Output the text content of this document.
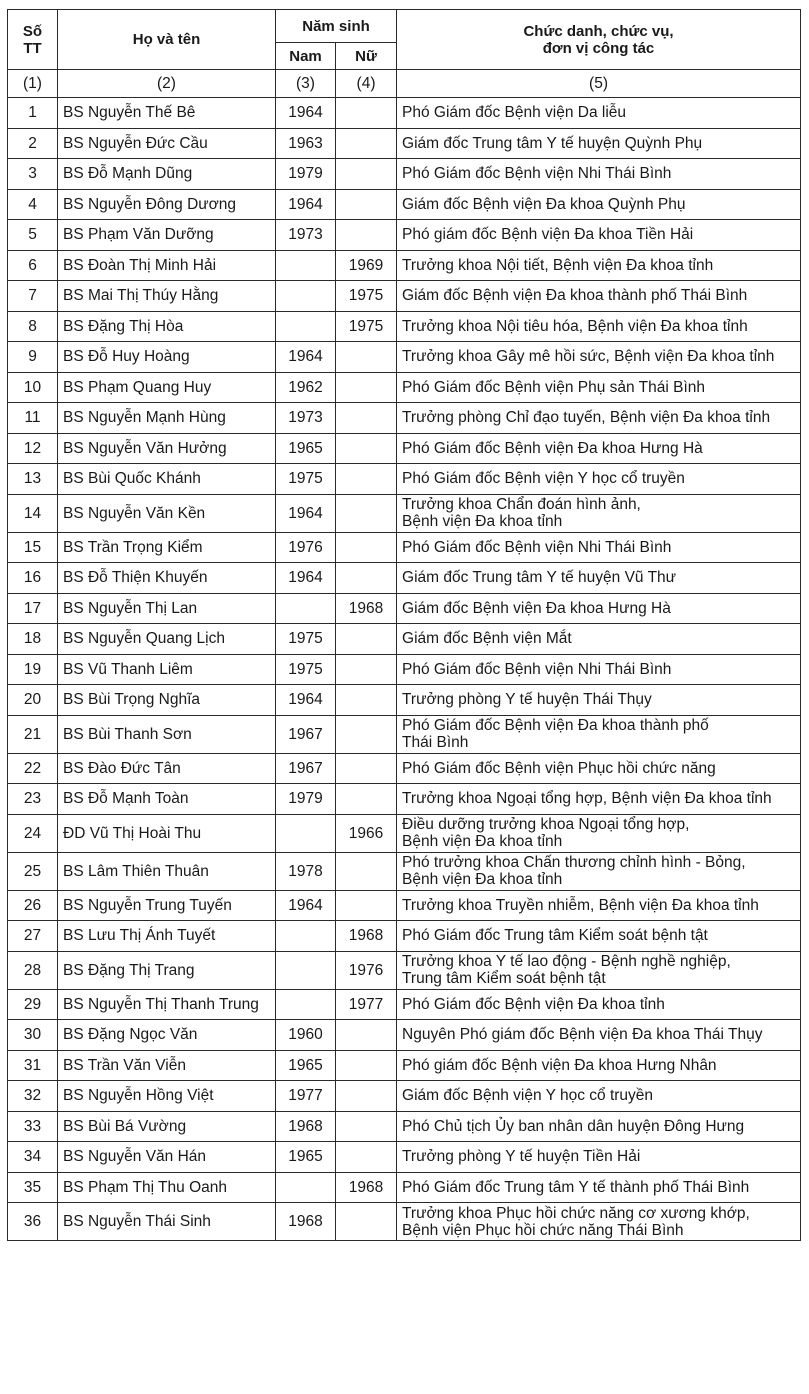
Số
TT	Họ và tên	Năm sinh		Chức danh, chức vụ,
đơn vị công tác
		Nam	Nữ	
(1)	(2)	(3)	(4)	(5)
1	BS Nguyễn Thế Bê	1964		Phó Giám đốc Bệnh viện Da liễu
2	BS Nguyễn Đức Cầu	1963		Giám đốc Trung tâm Y tế huyện Quỳnh Phụ
3	BS Đỗ Mạnh Dũng	1979		Phó Giám đốc Bệnh viện Nhi Thái Bình
4	BS Nguyễn Đông Dương	1964		Giám đốc Bệnh viện Đa khoa Quỳnh Phụ
5	BS Phạm Văn Dưỡng	1973		Phó giám đốc Bệnh viện Đa khoa Tiền Hải
6	BS Đoàn Thị Minh Hải		1969	Trưởng khoa Nội tiết, Bệnh viện Đa khoa tỉnh
7	BS Mai Thị Thúy Hằng		1975	Giám đốc Bệnh viện Đa khoa thành phố Thái Bình
8	BS Đặng Thị Hòa		1975	Trưởng khoa Nội tiêu hóa, Bệnh viện Đa khoa tỉnh
9	BS Đỗ Huy Hoàng	1964		Trưởng khoa Gây mê hồi sức, Bệnh viện Đa khoa tỉnh
10	BS Phạm Quang Huy	1962		Phó Giám đốc Bệnh viện Phụ sản Thái Bình
11	BS Nguyễn Mạnh Hùng	1973		Trưởng phòng Chỉ đạo tuyến, Bệnh viện Đa khoa tỉnh
12	BS Nguyễn Văn Hưởng	1965		Phó Giám đốc Bệnh viện Đa khoa Hưng Hà
13	BS Bùi Quốc Khánh	1975		Phó Giám đốc Bệnh viện Y học cổ truyền
14	BS Nguyễn Văn Kền	1964		Trưởng khoa Chẩn đoán hình ảnh,
Bệnh viện Đa khoa tỉnh
15	BS Trần Trọng Kiểm	1976		Phó Giám đốc Bệnh viện Nhi Thái Bình
16	BS Đỗ Thiện Khuyến	1964		Giám đốc Trung tâm Y tế huyện Vũ Thư
17	BS Nguyễn Thị Lan		1968	Giám đốc Bệnh viện Đa khoa Hưng Hà
18	BS Nguyễn Quang Lịch	1975		Giám đốc Bệnh viện Mắt
19	BS Vũ Thanh Liêm	1975		Phó Giám đốc Bệnh viện Nhi Thái Bình
20	BS Bùi Trọng Nghĩa	1964		Trưởng phòng Y tế huyện Thái Thụy
21	BS Bùi Thanh Sơn	1967		Phó Giám đốc Bệnh viện Đa khoa thành phố
Thái Bình
22	BS Đào Đức Tân	1967		Phó Giám đốc Bệnh viện Phục hồi chức năng
23	BS Đỗ Mạnh Toàn	1979		Trưởng khoa Ngoại tổng hợp, Bệnh viện Đa khoa tỉnh
24	ĐD Vũ Thị Hoài Thu		1966	Điều dưỡng trưởng khoa Ngoại tổng hợp,
Bệnh viện Đa khoa tỉnh
25	BS Lâm Thiên Thuân	1978		Phó trưởng khoa Chấn thương chỉnh hình - Bỏng,
Bệnh viện Đa khoa tỉnh
26	BS Nguyễn Trung Tuyến	1964		Trưởng khoa Truyền nhiễm, Bệnh viện Đa khoa tỉnh
27	BS Lưu Thị Ánh Tuyết		1968	Phó Giám đốc Trung tâm Kiểm soát bệnh tật
28	BS Đặng Thị Trang		1976	Trưởng khoa Y tế lao động - Bệnh nghề nghiệp,
Trung tâm Kiểm soát bệnh tật
29	BS Nguyễn Thị Thanh Trung		1977	Phó Giám đốc Bệnh viện Đa khoa tỉnh
30	BS Đặng Ngọc Văn	1960		Nguyên Phó giám đốc Bệnh viện Đa khoa Thái Thụy
31	BS Trần Văn Viễn	1965		Phó giám đốc Bệnh viện Đa khoa Hưng Nhân
32	BS Nguyễn Hồng Việt	1977		Giám đốc Bệnh viện Y học cổ truyền
33	BS Bùi Bá Vường	1968		Phó Chủ tịch Ủy ban nhân dân huyện Đông Hưng
34	BS Nguyễn Văn Hán	1965		Trưởng phòng Y tế huyện Tiền Hải
35	BS Phạm Thị Thu Oanh		1968	Phó Giám đốc Trung tâm Y tế thành phố Thái Bình
36	BS Nguyễn Thái Sinh	1968		Trưởng khoa Phục hồi chức năng cơ xương khớp,
Bệnh viện Phục hồi chức năng Thái Bình
